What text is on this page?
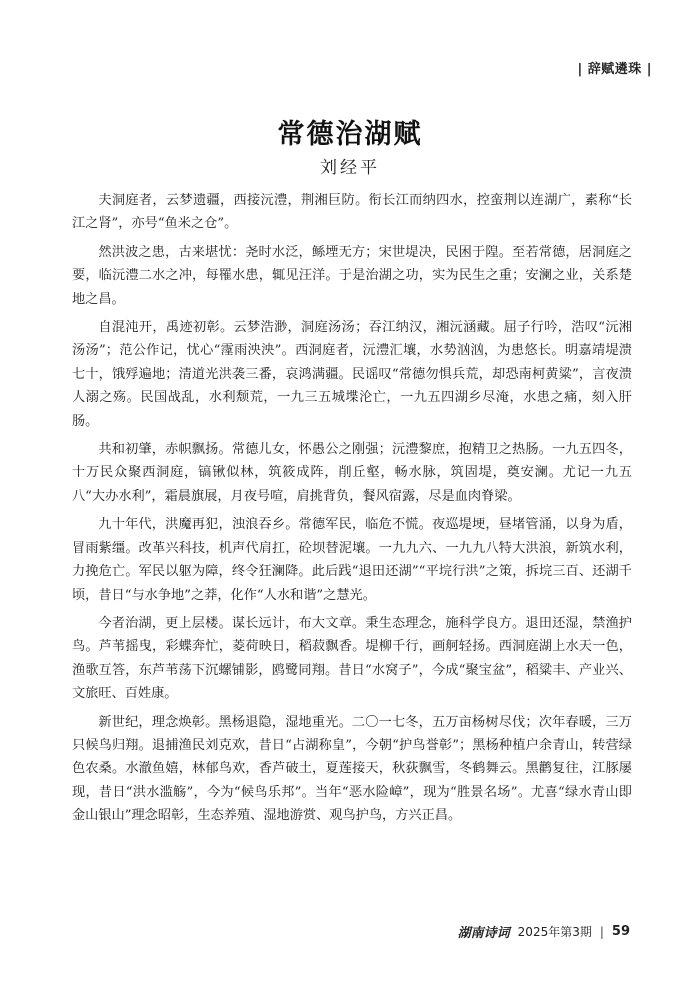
| 辞赋遴珠 |
常德治湖赋
刘经平

夫洞庭者，云梦遗疆，西接沅澧，荆湘巨防。衔长江而纳四水，控蛮荆以连湖广，素称“长江之肾”，亦号“鱼米之仓”。

然洪波之患，古来堪忧：尧时水泛，鲧堙无方；宋世堤决，民困于隍。至若常德，居洞庭之要，临沅澧二水之冲，每罹水患，辄见汪洋。于是治湖之功，实为民生之重；安澜之业，关系楚地之昌。

自混沌开，禹迹初彰。云梦浩渺，洞庭汤汤；吞江纳汉，湘沅涵藏。屈子行吟，浩叹“沅湘汤汤”；范公作记，忧心“霪雨泱泱”。西洞庭者，沅澧汇壤，水势汹汹，为患悠长。明嘉靖堤溃七十，饿殍遍地；清道光洪袭三番，哀鸿满疆。民谣叹“常德勿惧兵荒，却恐南柯黄粱”，言夜溃人溺之殇。民国战乱，水利颓荒，一九三五城堞沦亡，一九五四湖乡尽淹，水患之痛，刻入肝肠。

共和初肇，赤帜飘扬。常德儿女，怀愚公之刚强；沅澧黎庶，抱精卫之热肠。一九五四冬，十万民众聚西洞庭，镐锹似林，筑筱成阵，削丘壑，畅水脉，筑固堤，奠安澜。尤记一九五八“大办水利”，霜晨旗展，月夜号喧，肩挑背负，餐风宿露，尽是血肉脊梁。

九十年代，洪魔再犯，浊浪吞乡。常德军民，临危不慌。夜巡堤埂，昼堵管涌，以身为盾，冒雨紫缰。改革兴科技，机声代肩扛，砼坝替泥壤。一九九六、一九九八特大洪浪，新筑水利，力挽危亡。军民以躯为障，终令狂澜降。此后践“退田还湖”“平垸行洪”之策，拆垸三百、还湖千顷，昔日“与水争地”之莽，化作“人水和谐”之慧光。

今者治湖，更上层楼。谋长远计，布大文章。秉生态理念，施科学良方。退田还湿，禁渔护鸟。芦苇摇曳，彩蝶奔忙，菱荷映日，稻菽飘香。堤柳千行，画舸轻扬。西洞庭湖上水天一色，渔歌互答，东芦苇荡下沉螺铺影，鸥鹭同翔。昔日“水窝子”，今成“聚宝盆”，稻粱丰、产业兴、文旅旺、百姓康。

新世纪，理念焕彰。黑杨退隐，湿地重光。二〇一七冬，五万亩杨树尽伐；次年春暖，三万只候鸟归翔。退捕渔民刘克欢，昔日“占湖称皇”，今朝“护鸟誉彰”；黑杨种植户余青山，转营绿色农桑。水澈鱼嬉，林郁鸟欢，香芦破土，夏莲接天，秋荻飘雪，冬鹤舞云。黑鹳复往，江豚屡现，昔日“洪水滥觞”，今为“候鸟乐邦”。当年“恶水险嶂”，现为“胜景名场”。尤喜“绿水青山即金山银山”理念昭彰，生态养殖、湿地游赏、观鸟护鸟，方兴正昌。

湖南诗词 2025年第3期 | 59
